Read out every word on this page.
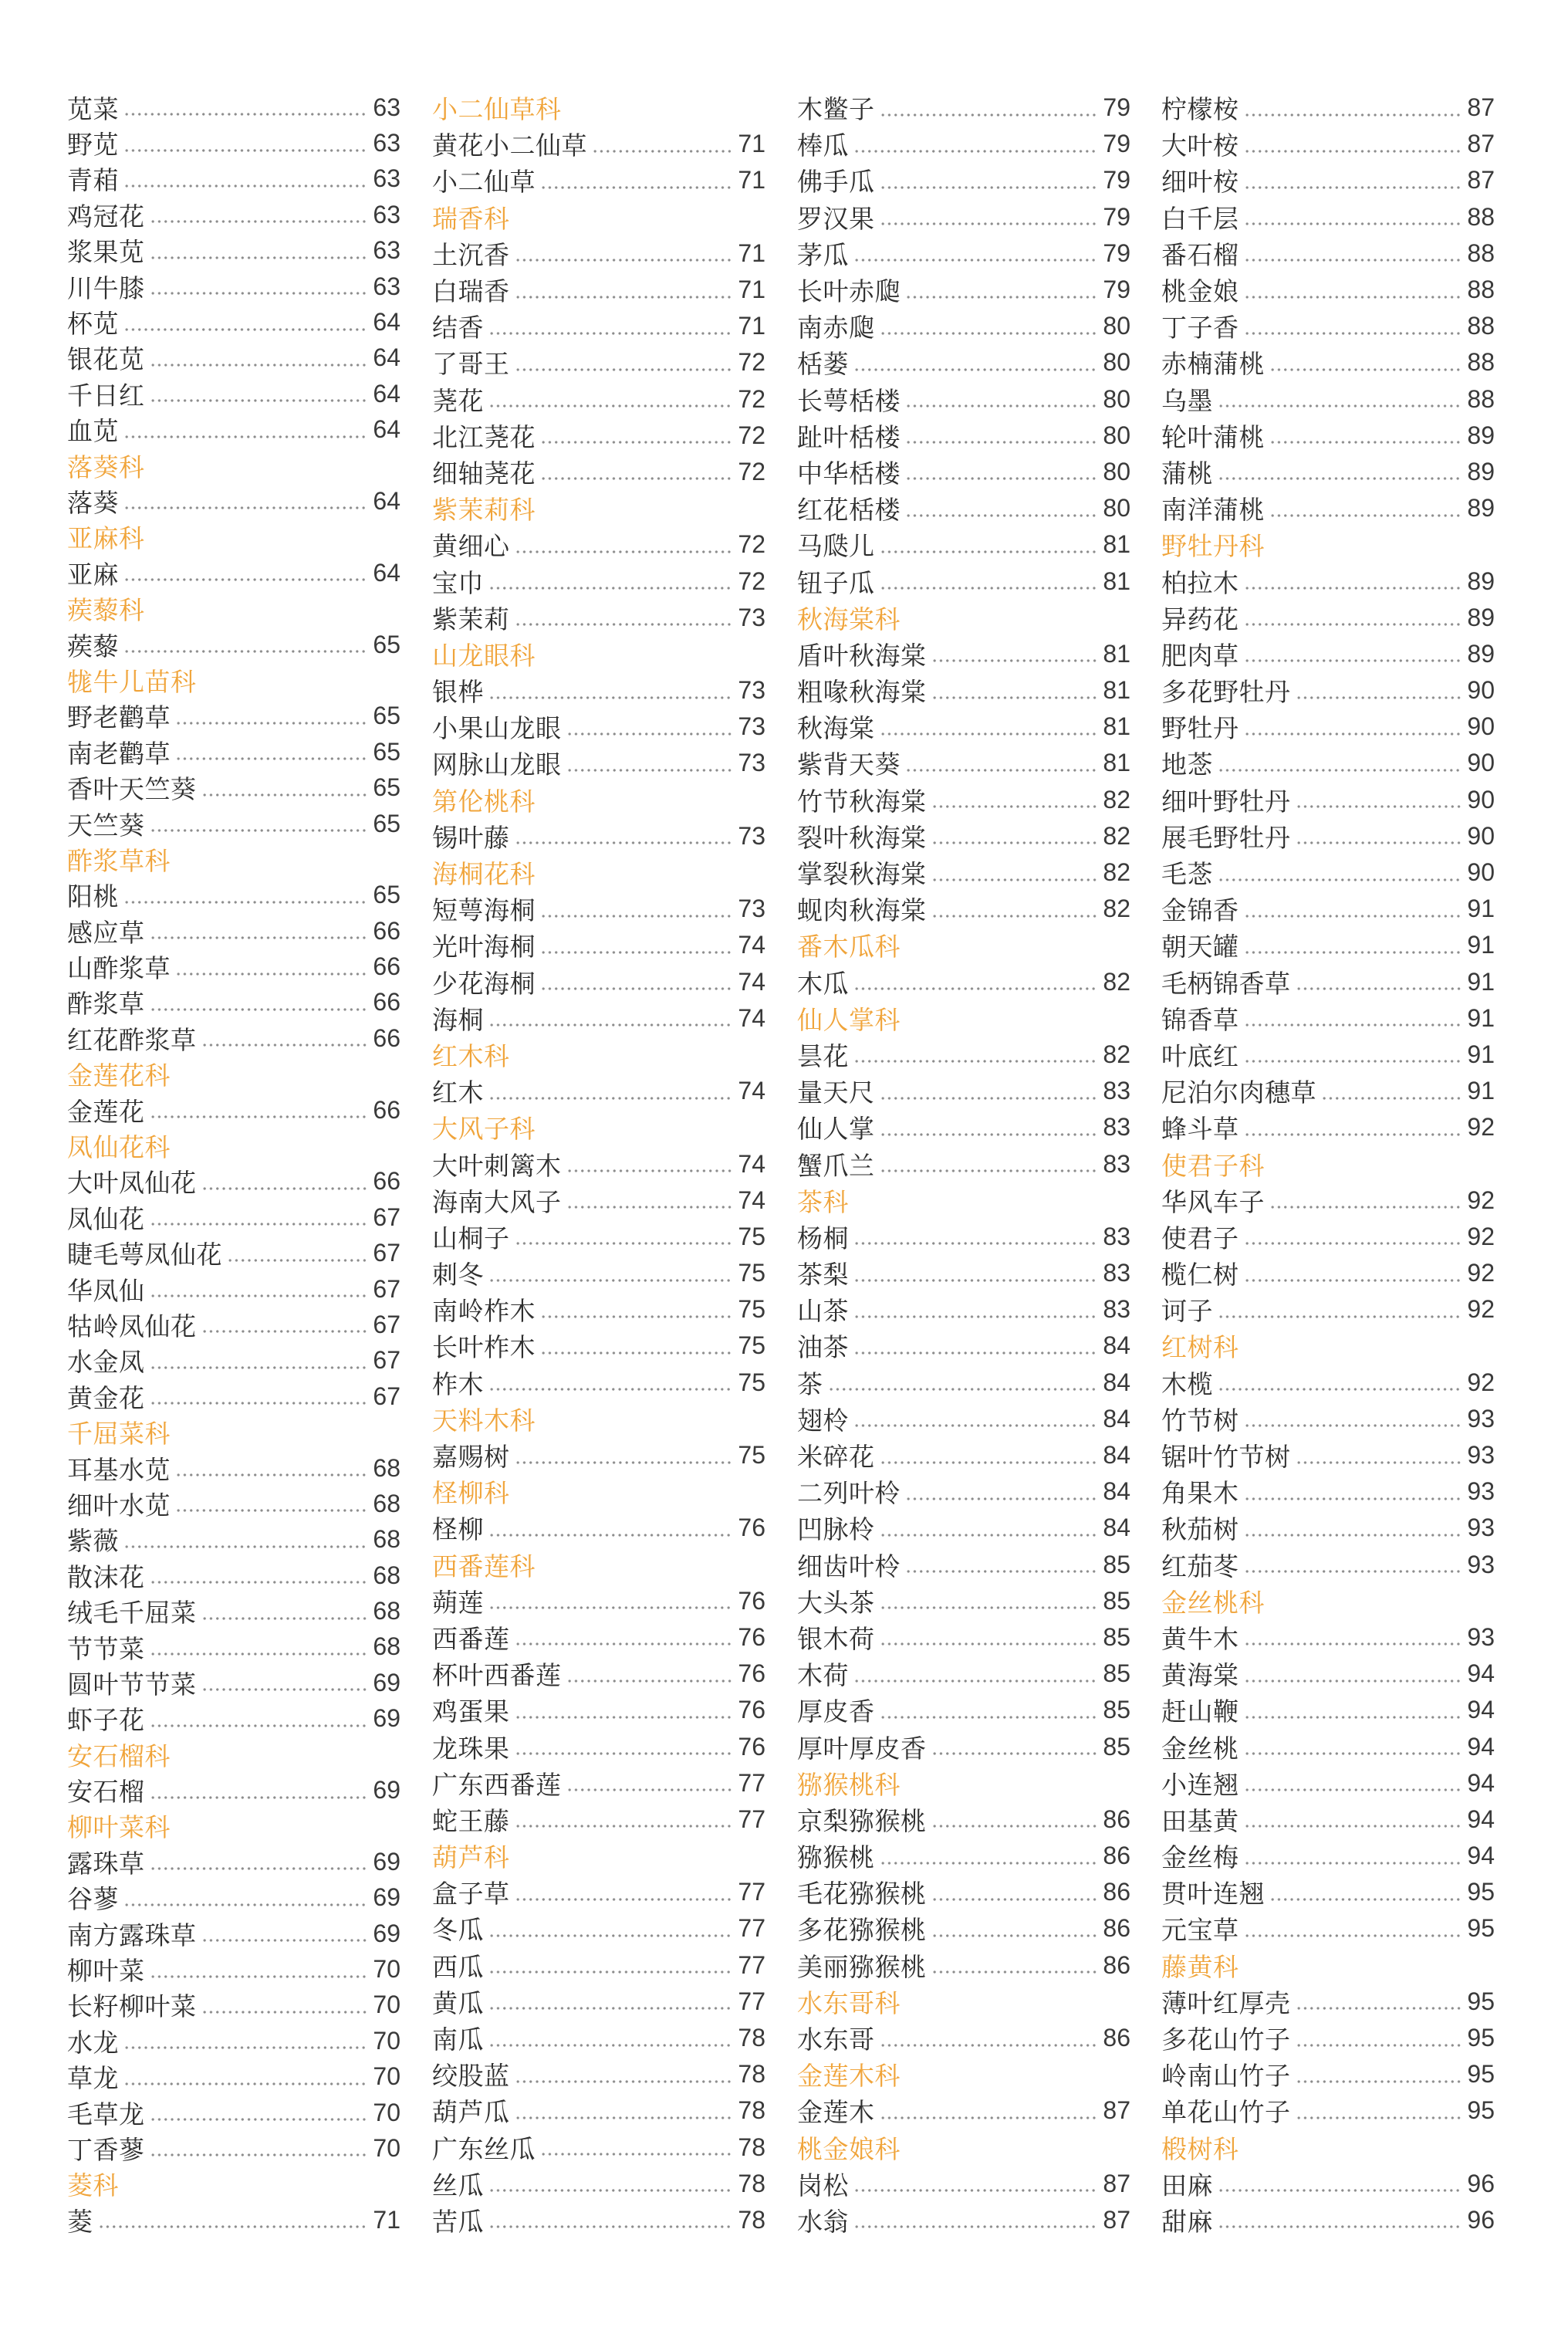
苋菜	63
野苋	63
青葙	63
鸡冠花	63
浆果苋	63
川牛膝	63
杯苋	64
银花苋	64
千日红	64
血苋	64
落葵科
落葵	64
亚麻科
亚麻	64
蒺藜科
蒺藜	65
牻牛儿苗科
野老鹳草	65
南老鹳草	65
香叶天竺葵	65
天竺葵	65
酢浆草科
阳桃	65
感应草	66
山酢浆草	66
酢浆草	66
红花酢浆草	66
金莲花科
金莲花	66
凤仙花科
大叶凤仙花	66
凤仙花	67
睫毛萼凤仙花	67
华凤仙	67
牯岭凤仙花	67
水金凤	67
黄金花	67
千屈菜科
耳基水苋	68
细叶水苋	68
紫薇	68
散沫花	68
绒毛千屈菜	68
节节菜	68
圆叶节节菜	69
虾子花	69
安石榴科
安石榴	69
柳叶菜科
露珠草	69
谷蓼	69
南方露珠草	69
柳叶菜	70
长籽柳叶菜	70
水龙	70
草龙	70
毛草龙	70
丁香蓼	70
菱科
菱	71
小二仙草科
黄花小二仙草	71
小二仙草	71
瑞香科
土沉香	71
白瑞香	71
结香	71
了哥王	72
荛花	72
北江荛花	72
细轴荛花	72
紫茉莉科
黄细心	72
宝巾	72
紫茉莉	73
山龙眼科
银桦	73
小果山龙眼	73
网脉山龙眼	73
第伦桃科
锡叶藤	73
海桐花科
短萼海桐	73
光叶海桐	74
少花海桐	74
海桐	74
红木科
红木	74
大风子科
大叶刺篱木	74
海南大风子	74
山桐子	75
刺冬	75
南岭柞木	75
长叶柞木	75
柞木	75
天料木科
嘉赐树	75
柽柳科
柽柳	76
西番莲科
蒴莲	76
西番莲	76
杯叶西番莲	76
鸡蛋果	76
龙珠果	76
广东西番莲	77
蛇王藤	77
葫芦科
盒子草	77
冬瓜	77
西瓜	77
黄瓜	77
南瓜	78
绞股蓝	78
葫芦瓜	78
广东丝瓜	78
丝瓜	78
苦瓜	78
木鳖子	79
棒瓜	79
佛手瓜	79
罗汉果	79
茅瓜	79
长叶赤瓟	79
南赤瓟	80
栝蒌	80
长萼栝楼	80
趾叶栝楼	80
中华栝楼	80
红花栝楼	80
马瓞儿	81
钮子瓜	81
秋海棠科
盾叶秋海棠	81
粗喙秋海棠	81
秋海棠	81
紫背天葵	81
竹节秋海棠	82
裂叶秋海棠	82
掌裂秋海棠	82
蚬肉秋海棠	82
番木瓜科
木瓜	82
仙人掌科
昙花	82
量天尺	83
仙人掌	83
蟹爪兰	83
茶科
杨桐	83
茶梨	83
山茶	83
油茶	84
茶	84
翅柃	84
米碎花	84
二列叶柃	84
凹脉柃	84
细齿叶柃	85
大头茶	85
银木荷	85
木荷	85
厚皮香	85
厚叶厚皮香	85
猕猴桃科
京梨猕猴桃	86
猕猴桃	86
毛花猕猴桃	86
多花猕猴桃	86
美丽猕猴桃	86
水东哥科
水东哥	86
金莲木科
金莲木	87
桃金娘科
岗松	87
水翁	87
柠檬桉	87
大叶桉	87
细叶桉	87
白千层	88
番石榴	88
桃金娘	88
丁子香	88
赤楠蒲桃	88
乌墨	88
轮叶蒲桃	89
蒲桃	89
南洋蒲桃	89
野牡丹科
柏拉木	89
异药花	89
肥肉草	89
多花野牡丹	90
野牡丹	90
地菍	90
细叶野牡丹	90
展毛野牡丹	90
毛菍	90
金锦香	91
朝天罐	91
毛柄锦香草	91
锦香草	91
叶底红	91
尼泊尔肉穗草	91
蜂斗草	92
使君子科
华风车子	92
使君子	92
榄仁树	92
诃子	92
红树科
木榄	92
竹节树	93
锯叶竹节树	93
角果木	93
秋茄树	93
红茄苳	93
金丝桃科
黄牛木	93
黄海棠	94
赶山鞭	94
金丝桃	94
小连翘	94
田基黄	94
金丝梅	94
贯叶连翘	95
元宝草	95
藤黄科
薄叶红厚壳	95
多花山竹子	95
岭南山竹子	95
单花山竹子	95
椴树科
田麻	96
甜麻	96
